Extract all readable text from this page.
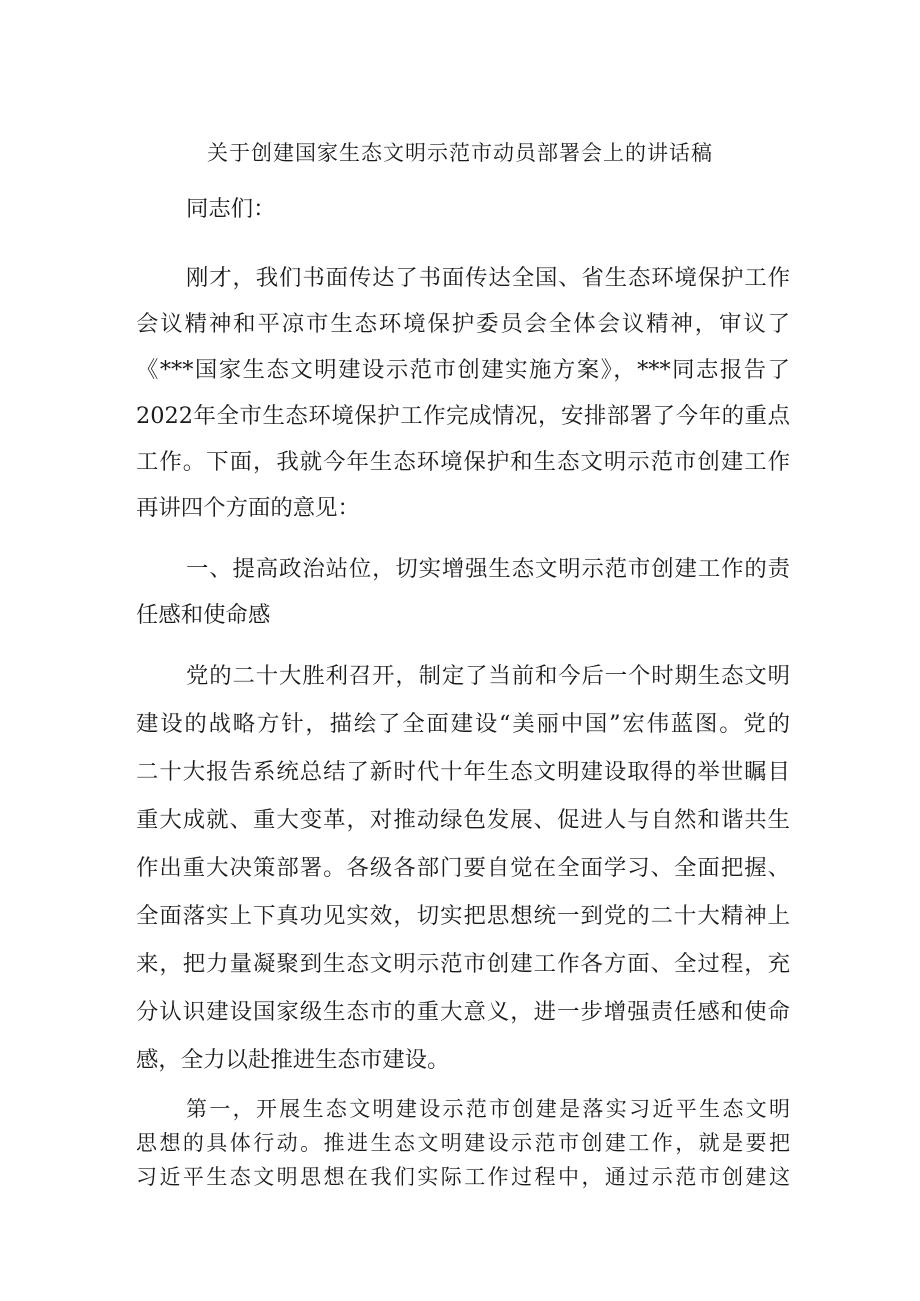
关于创建国家生态文明示范市动员部署会上的讲话稿
同志们：
刚才，我们书面传达了书面传达全国、省生态环境保护工作
会议精神和平凉市生态环境保护委员会全体会议精神，审议了
《***国家生态文明建设示范市创建实施方案》，***同志报告了
2022年全市生态环境保护工作完成情况，安排部署了今年的重点
工作。下面，我就今年生态环境保护和生态文明示范市创建工作
再讲四个方面的意见：
一、提高政治站位，切实增强生态文明示范市创建工作的责
任感和使命感
党的二十大胜利召开，制定了当前和今后一个时期生态文明
建设的战略方针，描绘了全面建设“美丽中国”宏伟蓝图。党的
二十大报告系统总结了新时代十年生态文明建设取得的举世瞩目
重大成就、重大变革，对推动绿色发展、促进人与自然和谐共生
作出重大决策部署。各级各部门要自觉在全面学习、全面把握、
全面落实上下真功见实效，切实把思想统一到党的二十大精神上
来，把力量凝聚到生态文明示范市创建工作各方面、全过程，充
分认识建设国家级生态市的重大意义，进一步增强责任感和使命
感，全力以赴推进生态市建设。
第一，开展生态文明建设示范市创建是落实习近平生态文明
思想的具体行动。推进生态文明建设示范市创建工作，就是要把
习近平生态文明思想在我们实际工作过程中，通过示范市创建这
